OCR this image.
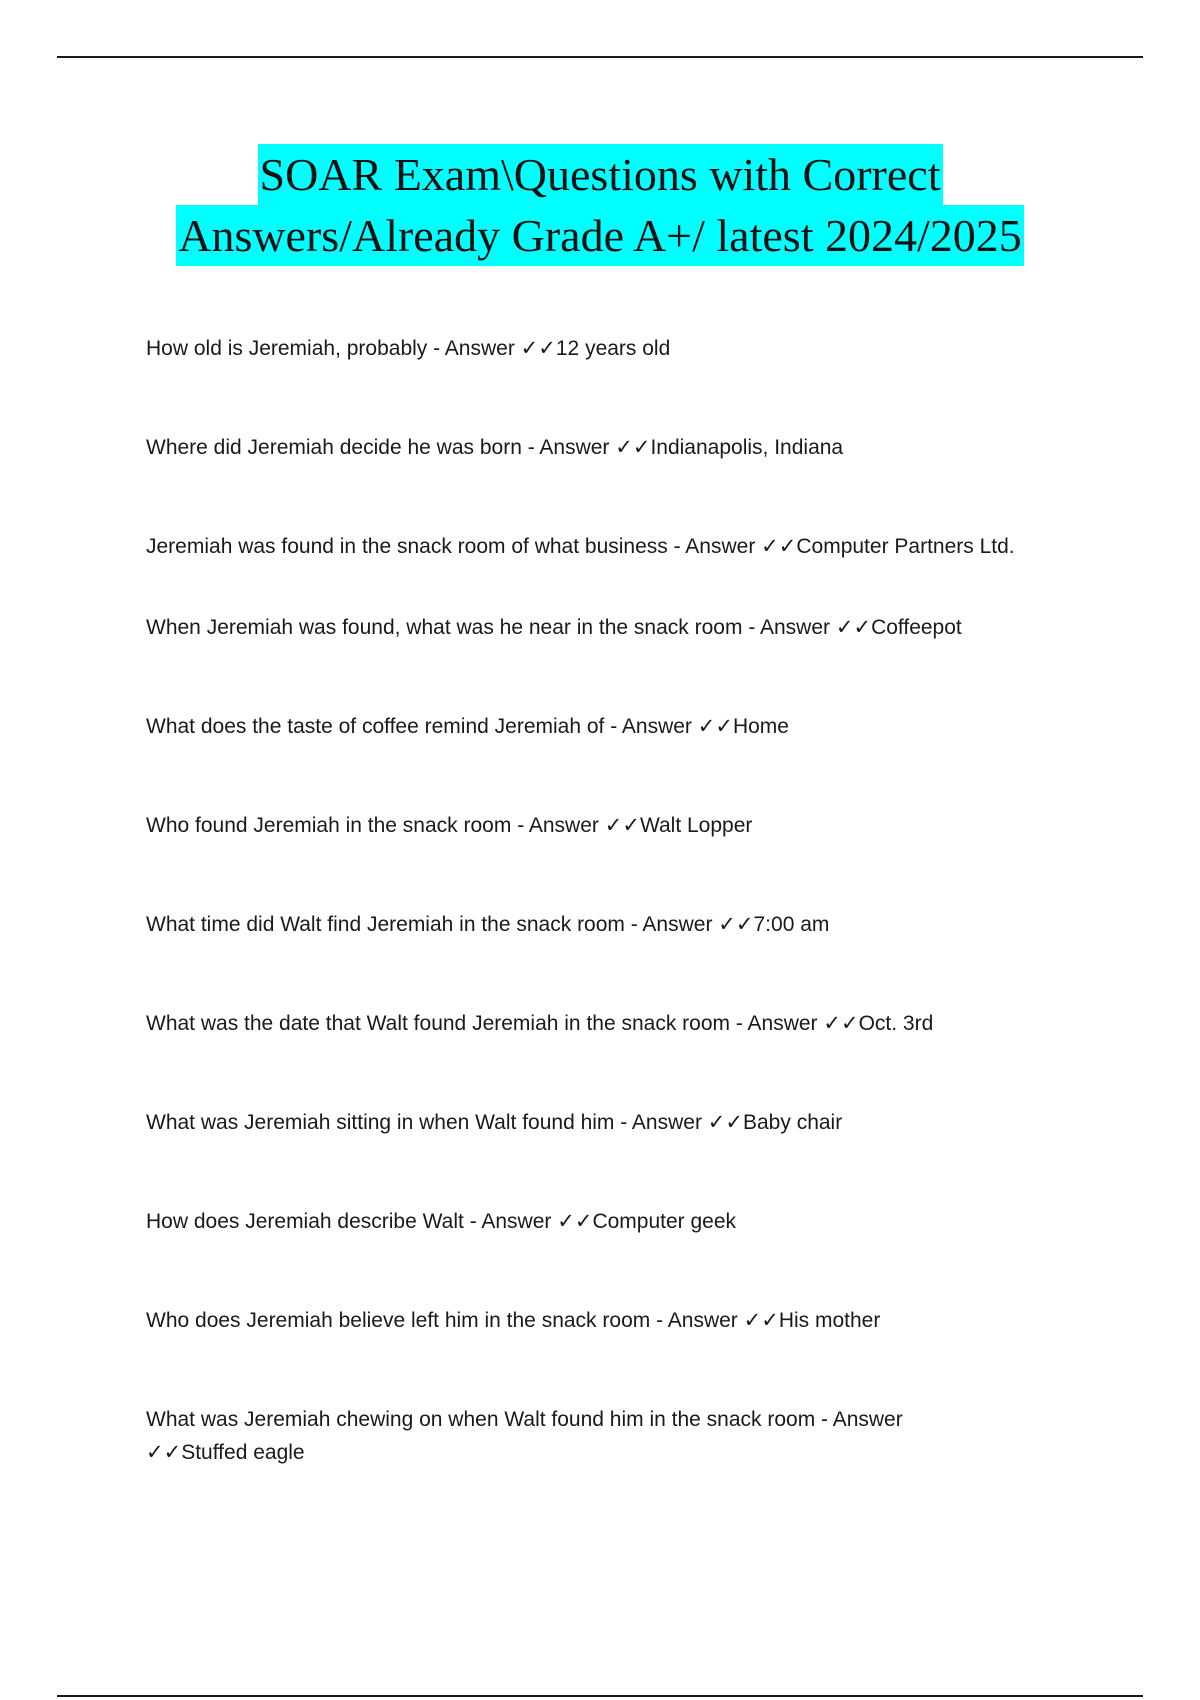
SOAR Exam\Questions with Correct
Answers/Already Grade A+/ latest 2024/2025
How old is Jeremiah, probably - Answer ✓✓12 years old
Where did Jeremiah decide he was born - Answer ✓✓Indianapolis, Indiana
Jeremiah was found in the snack room of what business - Answer ✓✓Computer Partners Ltd.
When Jeremiah was found, what was he near in the snack room - Answer ✓✓Coffeepot
What does the taste of coffee remind Jeremiah of - Answer ✓✓Home
Who found Jeremiah in the snack room - Answer ✓✓Walt Lopper
What time did Walt find Jeremiah in the snack room - Answer ✓✓7:00 am
What was the date that Walt found Jeremiah in the snack room - Answer ✓✓Oct. 3rd
What was Jeremiah sitting in when Walt found him - Answer ✓✓Baby chair
How does Jeremiah describe Walt - Answer ✓✓Computer geek
Who does Jeremiah believe left him in the snack room - Answer ✓✓His mother
What was Jeremiah chewing on when Walt found him in the snack room - Answer
✓✓Stuffed eagle
